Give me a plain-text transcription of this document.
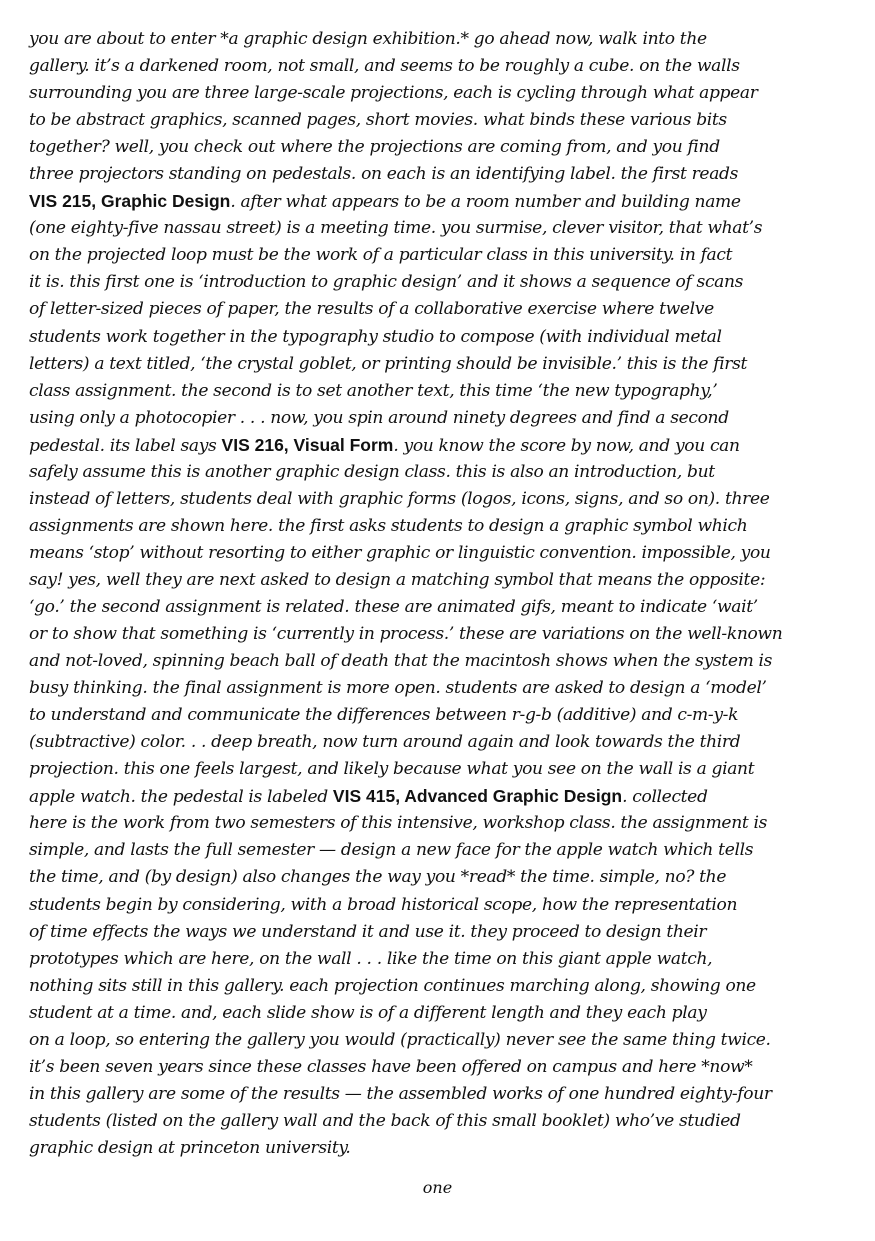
you are about to enter *a graphic design exhibition.* go ahead now, walk into the
gallery. it’s a darkened room, not small, and seems to be roughly a cube. on the walls
surrounding you are three large-scale projections, each is cycling through what appear
to be abstract graphics, scanned pages, short movies. what binds these various bits
together? well, you check out where the projections are coming from, and you find
three projectors standing on pedestals. on each is an identifying label. the first reads
VIS 215, Graphic Design. after what appears to be a room number and building name
(one eighty-five nassau street) is a meeting time. you surmise, clever visitor, that what’s
on the projected loop must be the work of a particular class in this university. in fact
it is. this first one is ‘introduction to graphic design’ and it shows a sequence of scans
of letter-sized pieces of paper, the results of a collaborative exercise where twelve
students work together in the typography studio to compose (with individual metal
letters) a text titled, ‘the crystal goblet, or printing should be invisible.’ this is the first
class assignment. the second is to set another text, this time ‘the new typography,’
using only a photocopier . . . now, you spin around ninety degrees and find a second
pedestal. its label says VIS 216, Visual Form. you know the score by now, and you can
safely assume this is another graphic design class. this is also an introduction, but
instead of letters, students deal with graphic forms (logos, icons, signs, and so on). three
assignments are shown here. the first asks students to design a graphic symbol which
means ‘stop’ without resorting to either graphic or linguistic convention. impossible, you
say! yes, well they are next asked to design a matching symbol that means the opposite:
‘go.’ the second assignment is related. these are animated gifs, meant to indicate ‘wait’
or to show that something is ‘currently in process.’ these are variations on the well-known
and not-loved, spinning beach ball of death that the macintosh shows when the system is
busy thinking. the final assignment is more open. students are asked to design a ‘model’
to understand and communicate the differences between r-g-b (additive) and c-m-y-k
(subtractive) color. . . deep breath, now turn around again and look towards the third
projection. this one feels largest, and likely because what you see on the wall is a giant
apple watch. the pedestal is labeled VIS 415, Advanced Graphic Design. collected
here is the work from two semesters of this intensive, workshop class. the assignment is
simple, and lasts the full semester — design a new face for the apple watch which tells
the time, and (by design) also changes the way you *read* the time. simple, no? the
students begin by considering, with a broad historical scope, how the representation
of time effects the ways we understand it and use it. they proceed to design their
prototypes which are here, on the wall . . . like the time on this giant apple watch,
nothing sits still in this gallery. each projection continues marching along, showing one
student at a time. and, each slide show is of a different length and they each play
on a loop, so entering the gallery you would (practically) never see the same thing twice.
it’s been seven years since these classes have been offered on campus and here *now*
in this gallery are some of the results — the assembled works of one hundred eighty-four
students (listed on the gallery wall and the back of this small booklet) who’ve studied
graphic design at princeton university.
one
